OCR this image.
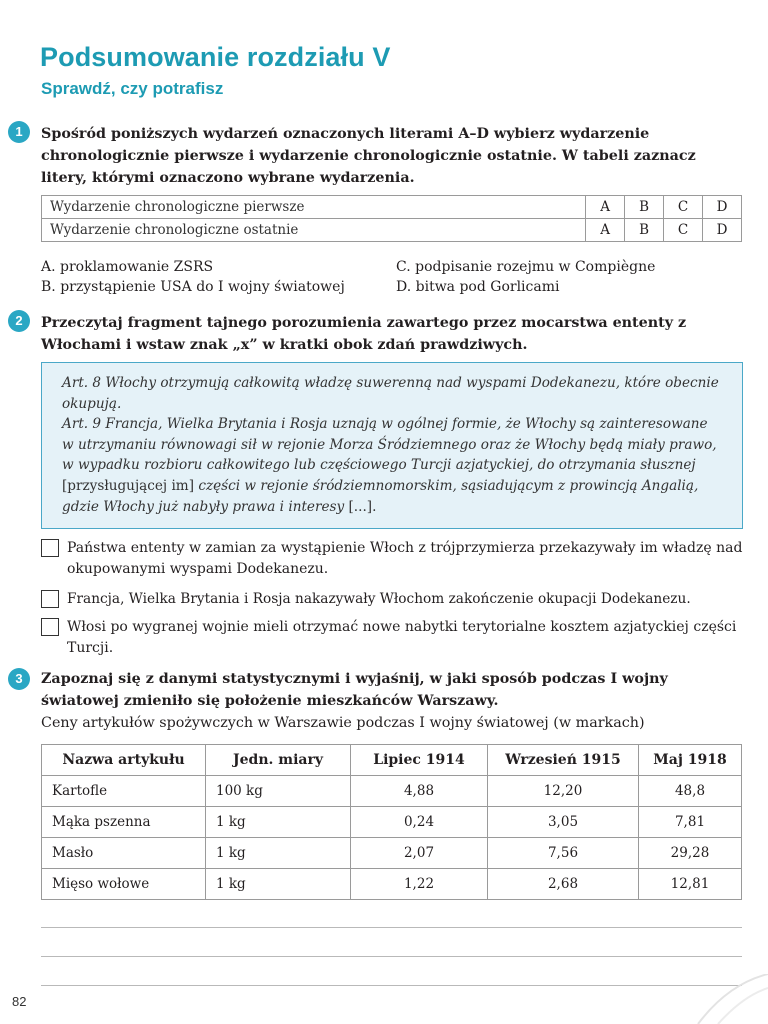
Podsumowanie rozdziału V
Sprawdź, czy potrafisz
1	Spośród poniższych wydarzeń oznaczonych literami A–D wybierz wydarzenie chronologicznie pierwsze i wydarzenie chronologicznie ostatnie. W tabeli zaznacz litery, którymi oznaczono wybrane wydarzenia.

Wydarzenie chronologiczne pierwsze	A	B	C	D
Wydarzenie chronologiczne ostatnie	A	B	C	D
A. proklamowanie ZSRS
B. przystąpienie USA do I wojny światowej
C. podpisanie rozejmu w Compiègne
D. bitwa pod Gorlicami
2	Przeczytaj fragment tajnego porozumienia zawartego przez mocarstwa ententy z Włochami i wstaw znak „x” w kratki obok zdań prawdziwych.

Art. 8 Włochy otrzymują całkowitą władzę suwerenną nad wyspami Dodekanezu, które obecnie okupują.

Art. 9 Francja, Wielka Brytania i Rosja uznają w ogólnej formie, że Włochy są zainteresowane w utrzymaniu równowagi sił w rejonie Morza Śródziemnego oraz że Włochy będą miały prawo, w wypadku rozbioru całkowitego lub częściowego Turcji azjatyckiej, do otrzymania słusznej [przysługującej im] części w rejonie śródziemnomorskim, sąsiadującym z prowincją Angalią, gdzie Włochy już nabyły prawa i interesy [...].

Państwa ententy w zamian za wystąpienie Włoch z trójprzymierza przekazywały im władzę nad okupowanymi wyspami Dodekanezu.
Francja, Wielka Brytania i Rosja nakazywały Włochom zakończenie okupacji Dodekanezu.
Włosi po wygranej wojnie mieli otrzymać nowe nabytki terytorialne kosztem azjatyckiej części Turcji.
3	Zapoznaj się z danymi statystycznymi i wyjaśnij, w jaki sposób podczas I wojny światowej zmieniło się położenie mieszkańców Warszawy.

Ceny artykułów spożywczych w Warszawie podczas I wojny światowej (w markach)
Nazwa artykułu	Jedn. miary	Lipiec 1914	Wrzesień 1915	Maj 1918
Kartofle	100 kg	4,88	12,20	48,8
Mąka pszenna	1 kg	0,24	3,05	7,81
Masło	1 kg	2,07	7,56	29,28
Mięso wołowe	1 kg	1,22	2,68	12,81
82
